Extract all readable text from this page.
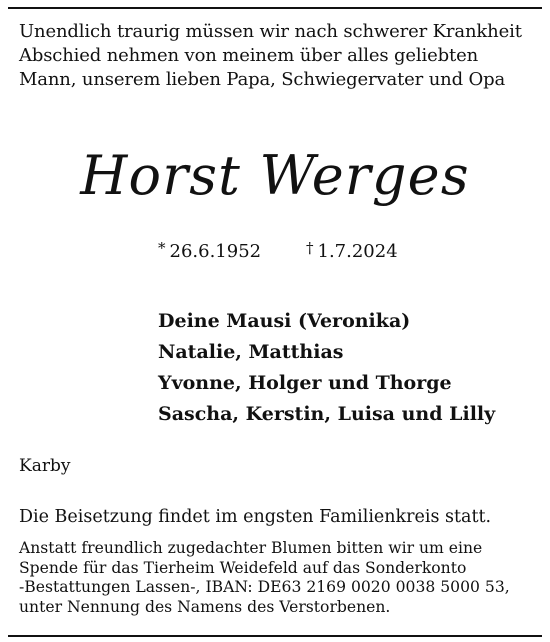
Unendlich traurig müssen wir nach schwerer Krankheit
Abschied nehmen von meinem über alles geliebten
Mann, unserem lieben Papa, Schwiegervater und Opa
Horst Werges
* 26.6.1952	† 1.7.2024
Deine Mausi (Veronika)
Natalie, Matthias
Yvonne, Holger und Thorge
Sascha, Kerstin, Luisa und Lilly
Karby
Die Beisetzung findet im engsten Familienkreis statt.
Anstatt freundlich zugedachter Blumen bitten wir um eine
Spende für das Tierheim Weidefeld auf das Sonderkonto
-Bestattungen Lassen-, IBAN: DE63 2169 0020 0038 5000 53,
unter Nennung des Namens des Verstorbenen.
